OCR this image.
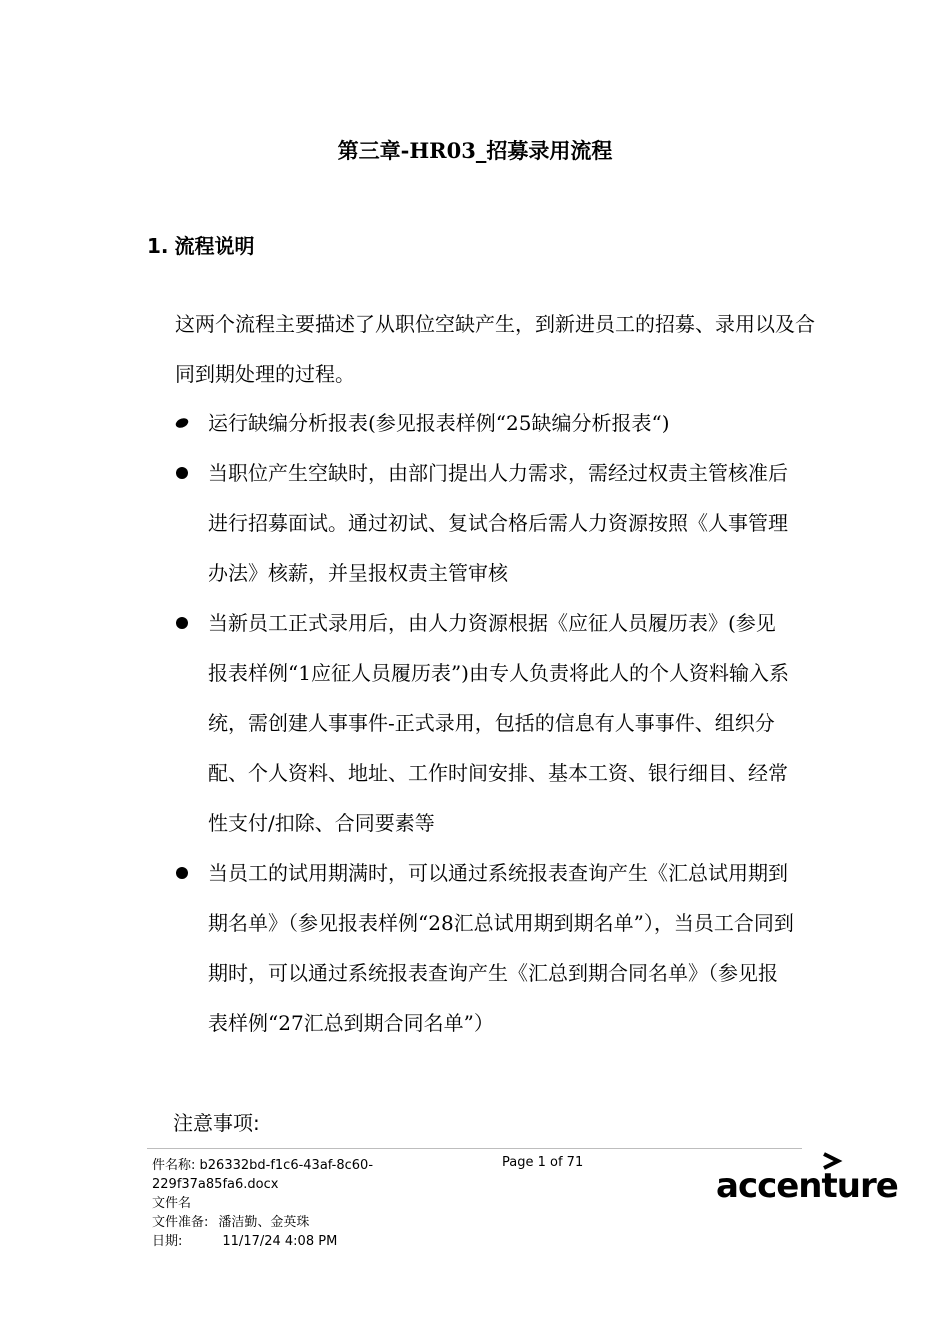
第三章-HR03_招募录用流程
1. 流程说明
这两个流程主要描述了从职位空缺产生，到新进员工的招募、录用以及合同到期处理的过程。
运行缺编分析报表(参见报表样例“25缺编分析报表“)
当职位产生空缺时，由部门提出人力需求，需经过权责主管核准后进行招募面试。通过初试、复试合格后需人力资源按照《人事管理办法》核薪，并呈报权责主管审核
当新员工正式录用后，由人力资源根据《应征人员履历表》(参见报表样例“1应征人员履历表”)由专人负责将此人的个人资料输入系统，需创建人事事件-正式录用，包括的信息有人事事件、组织分配、个人资料、地址、工作时间安排、基本工资、银行细目、经常性支付/扣除、合同要素等
当员工的试用期满时，可以通过系统报表查询产生《汇总试用期到期名单》（参见报表样例“28汇总试用期到期名单”），当员工合同到期时，可以通过系统报表查询产生《汇总到期合同名单》（参见报表样例“27汇总到期合同名单”）
注意事项:
件名称: b26332bd-f1c6-43af-8c60-
229f37a85fa6.docx
文件名
文件准备: 潘洁勤、金英珠
日期:	11/17/24 4:08 PM
Page 1 of 71
accenture
